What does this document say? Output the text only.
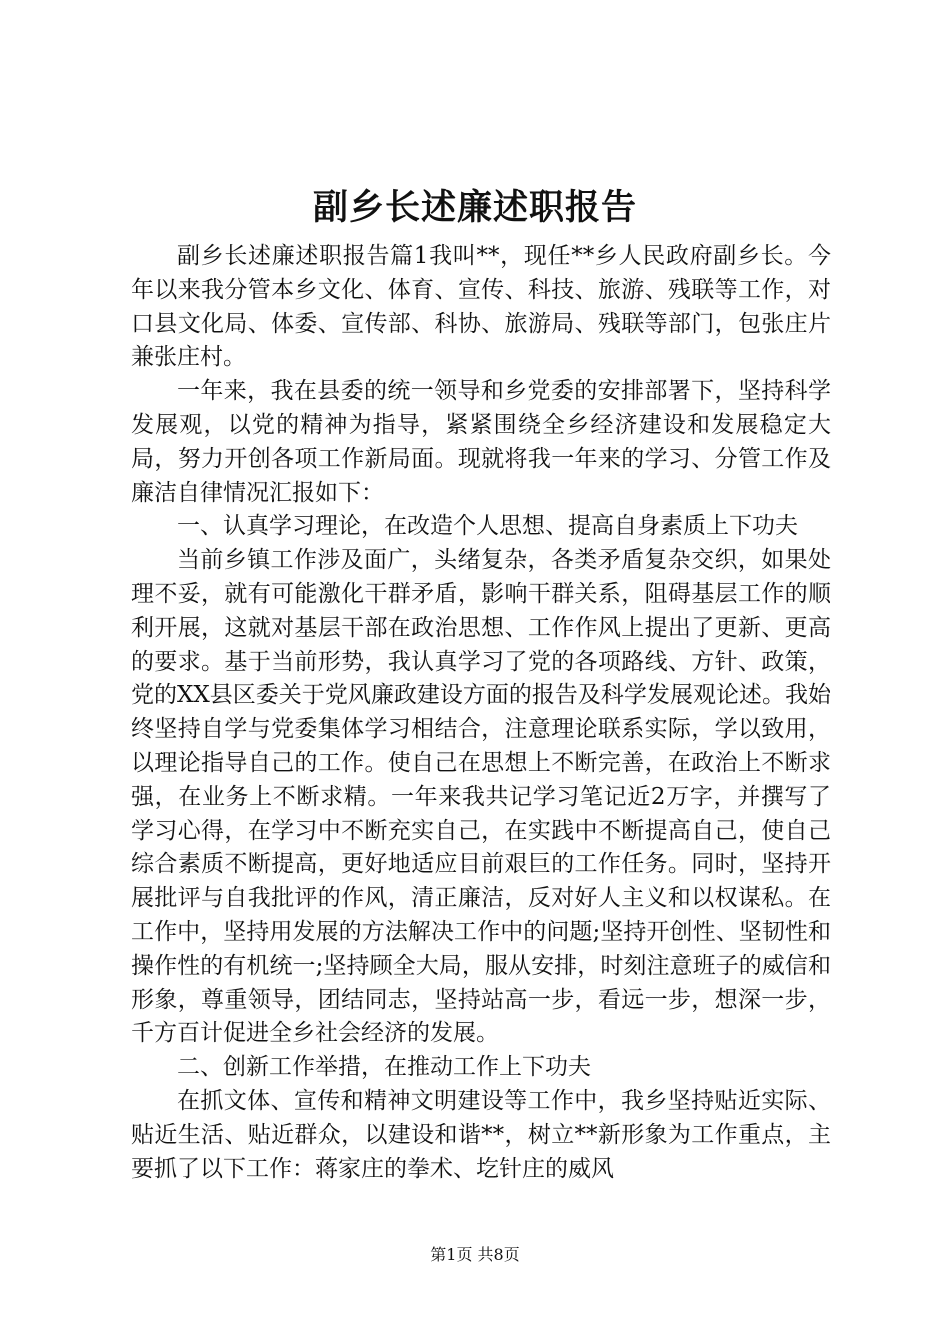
副乡长述廉述职报告

副乡长述廉述职报告篇1我叫**，现任**乡人民政府副乡长。今年以来我分管本乡文化、体育、宣传、科技、旅游、残联等工作，对口县文化局、体委、宣传部、科协、旅游局、残联等部门，包张庄片兼张庄村。

一年来，我在县委的统一领导和乡党委的安排部署下，坚持科学发展观，以党的精神为指导，紧紧围绕全乡经济建设和发展稳定大局，努力开创各项工作新局面。现就将我一年来的学习、分管工作及廉洁自律情况汇报如下：

一、认真学习理论，在改造个人思想、提高自身素质上下功夫

当前乡镇工作涉及面广，头绪复杂，各类矛盾复杂交织，如果处理不妥，就有可能激化干群矛盾，影响干群关系，阻碍基层工作的顺利开展，这就对基层干部在政治思想、工作作风上提出了更新、更高的要求。基于当前形势，我认真学习了党的各项路线、方针、政策，党的XX县区委关于党风廉政建设方面的报告及科学发展观论述。我始终坚持自学与党委集体学习相结合，注意理论联系实际，学以致用，以理论指导自己的工作。使自己在思想上不断完善，在政治上不断求强，在业务上不断求精。一年来我共记学习笔记近2万字，并撰写了学习心得，在学习中不断充实自己，在实践中不断提高自己，使自己综合素质不断提高，更好地适应目前艰巨的工作任务。同时，坚持开展批评与自我批评的作风，清正廉洁，反对好人主义和以权谋私。在工作中，坚持用发展的方法解决工作中的问题;坚持开创性、坚韧性和操作性的有机统一;坚持顾全大局，服从安排，时刻注意班子的威信和形象，尊重领导，团结同志，坚持站高一步，看远一步，想深一步，千方百计促进全乡社会经济的发展。

二、创新工作举措，在推动工作上下功夫

在抓文体、宣传和精神文明建设等工作中，我乡坚持贴近实际、贴近生活、贴近群众，以建设和谐**，树立**新形象为工作重点，主要抓了以下工作：蒋家庄的拳术、圪针庄的威风

第1页 共8页
